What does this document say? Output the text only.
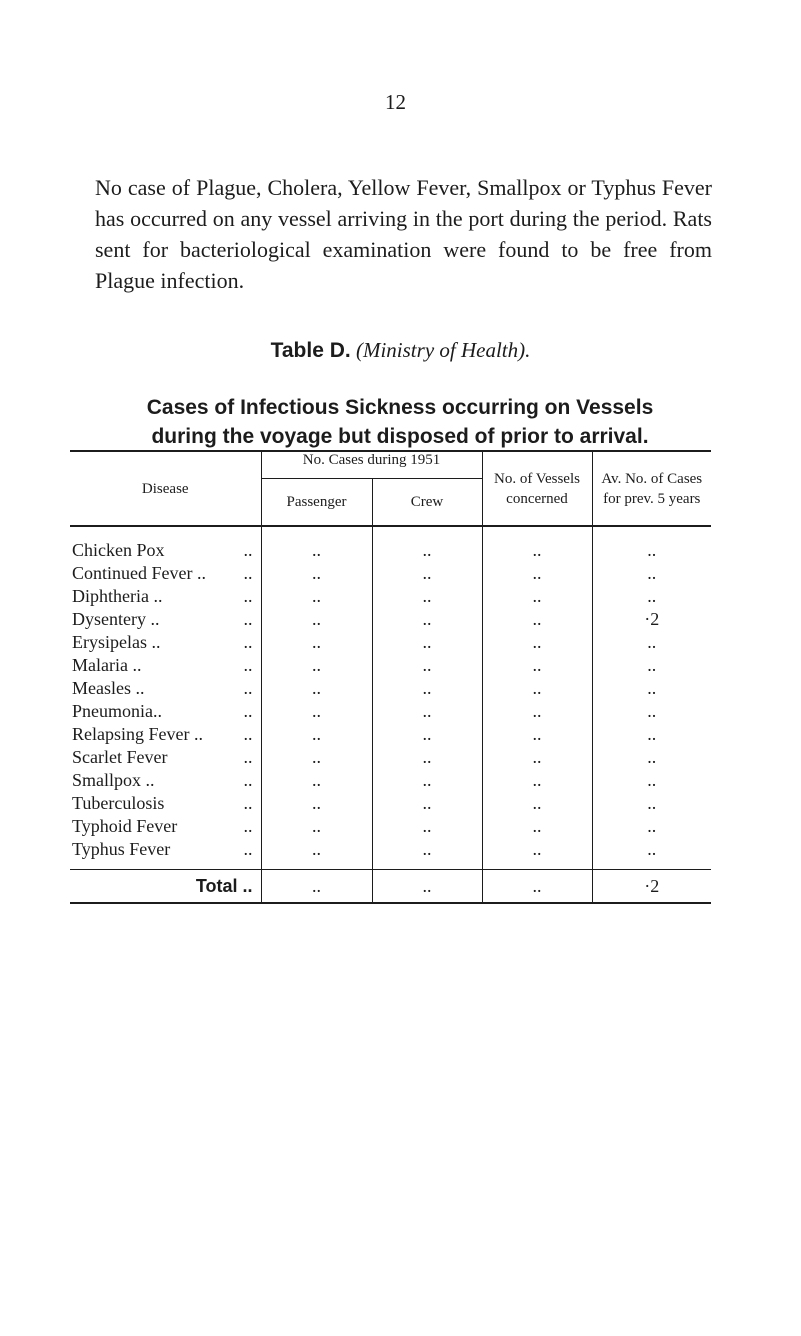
12

No case of Plague, Cholera, Yellow Fever, Smallpox or Typhus Fever has occurred on any vessel arriving in the port during the period. Rats sent for bacteriological examination were found to be free from Plague infection.

Table D. (Ministry of Health).
Cases of Infectious Sickness occurring on Vessels during the voyage but disposed of prior to arrival.
Disease	No. Cases during 1951		No. of Vessels concerned	Av. No. of Cases for prev. 5 years
	Passenger	Crew		

Chicken Pox ..	..	..	..	..
Continued Fever .. ..	..	..	..	..
Diphtheria .. ..	..	..	..	..
Dysentery .. ..	..	..	..	·2
Erysipelas .. ..	..	..	..	..
Malaria .. ..	..	..	..	..
Measles .. ..	..	..	..	..
Pneumonia.. ..	..	..	..	..
Relapsing Fever .. ..	..	..	..	..
Scarlet Fever ..	..	..	..	..
Smallpox .. ..	..	..	..	..
Tuberculosis ..	..	..	..	..
Typhoid Fever ..	..	..	..	..
Typhus Fever ..	..	..	..	..
Total ..	..	..	..	·2
